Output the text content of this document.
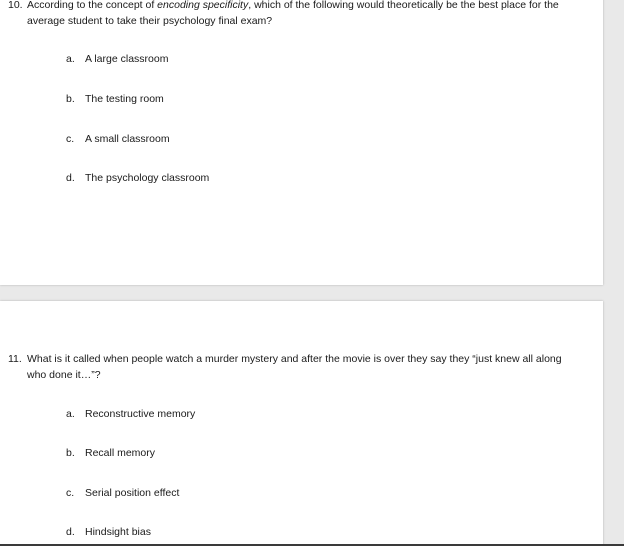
10. According to the concept of encoding specificity, which of the following would theoretically be the best place for the average student to take their psychology final exam?
a. A large classroom
b. The testing room
c. A small classroom
d. The psychology classroom
11. What is it called when people watch a murder mystery and after the movie is over they say they “just knew all along who done it…”?
a. Reconstructive memory
b. Recall memory
c. Serial position effect
d. Hindsight bias
